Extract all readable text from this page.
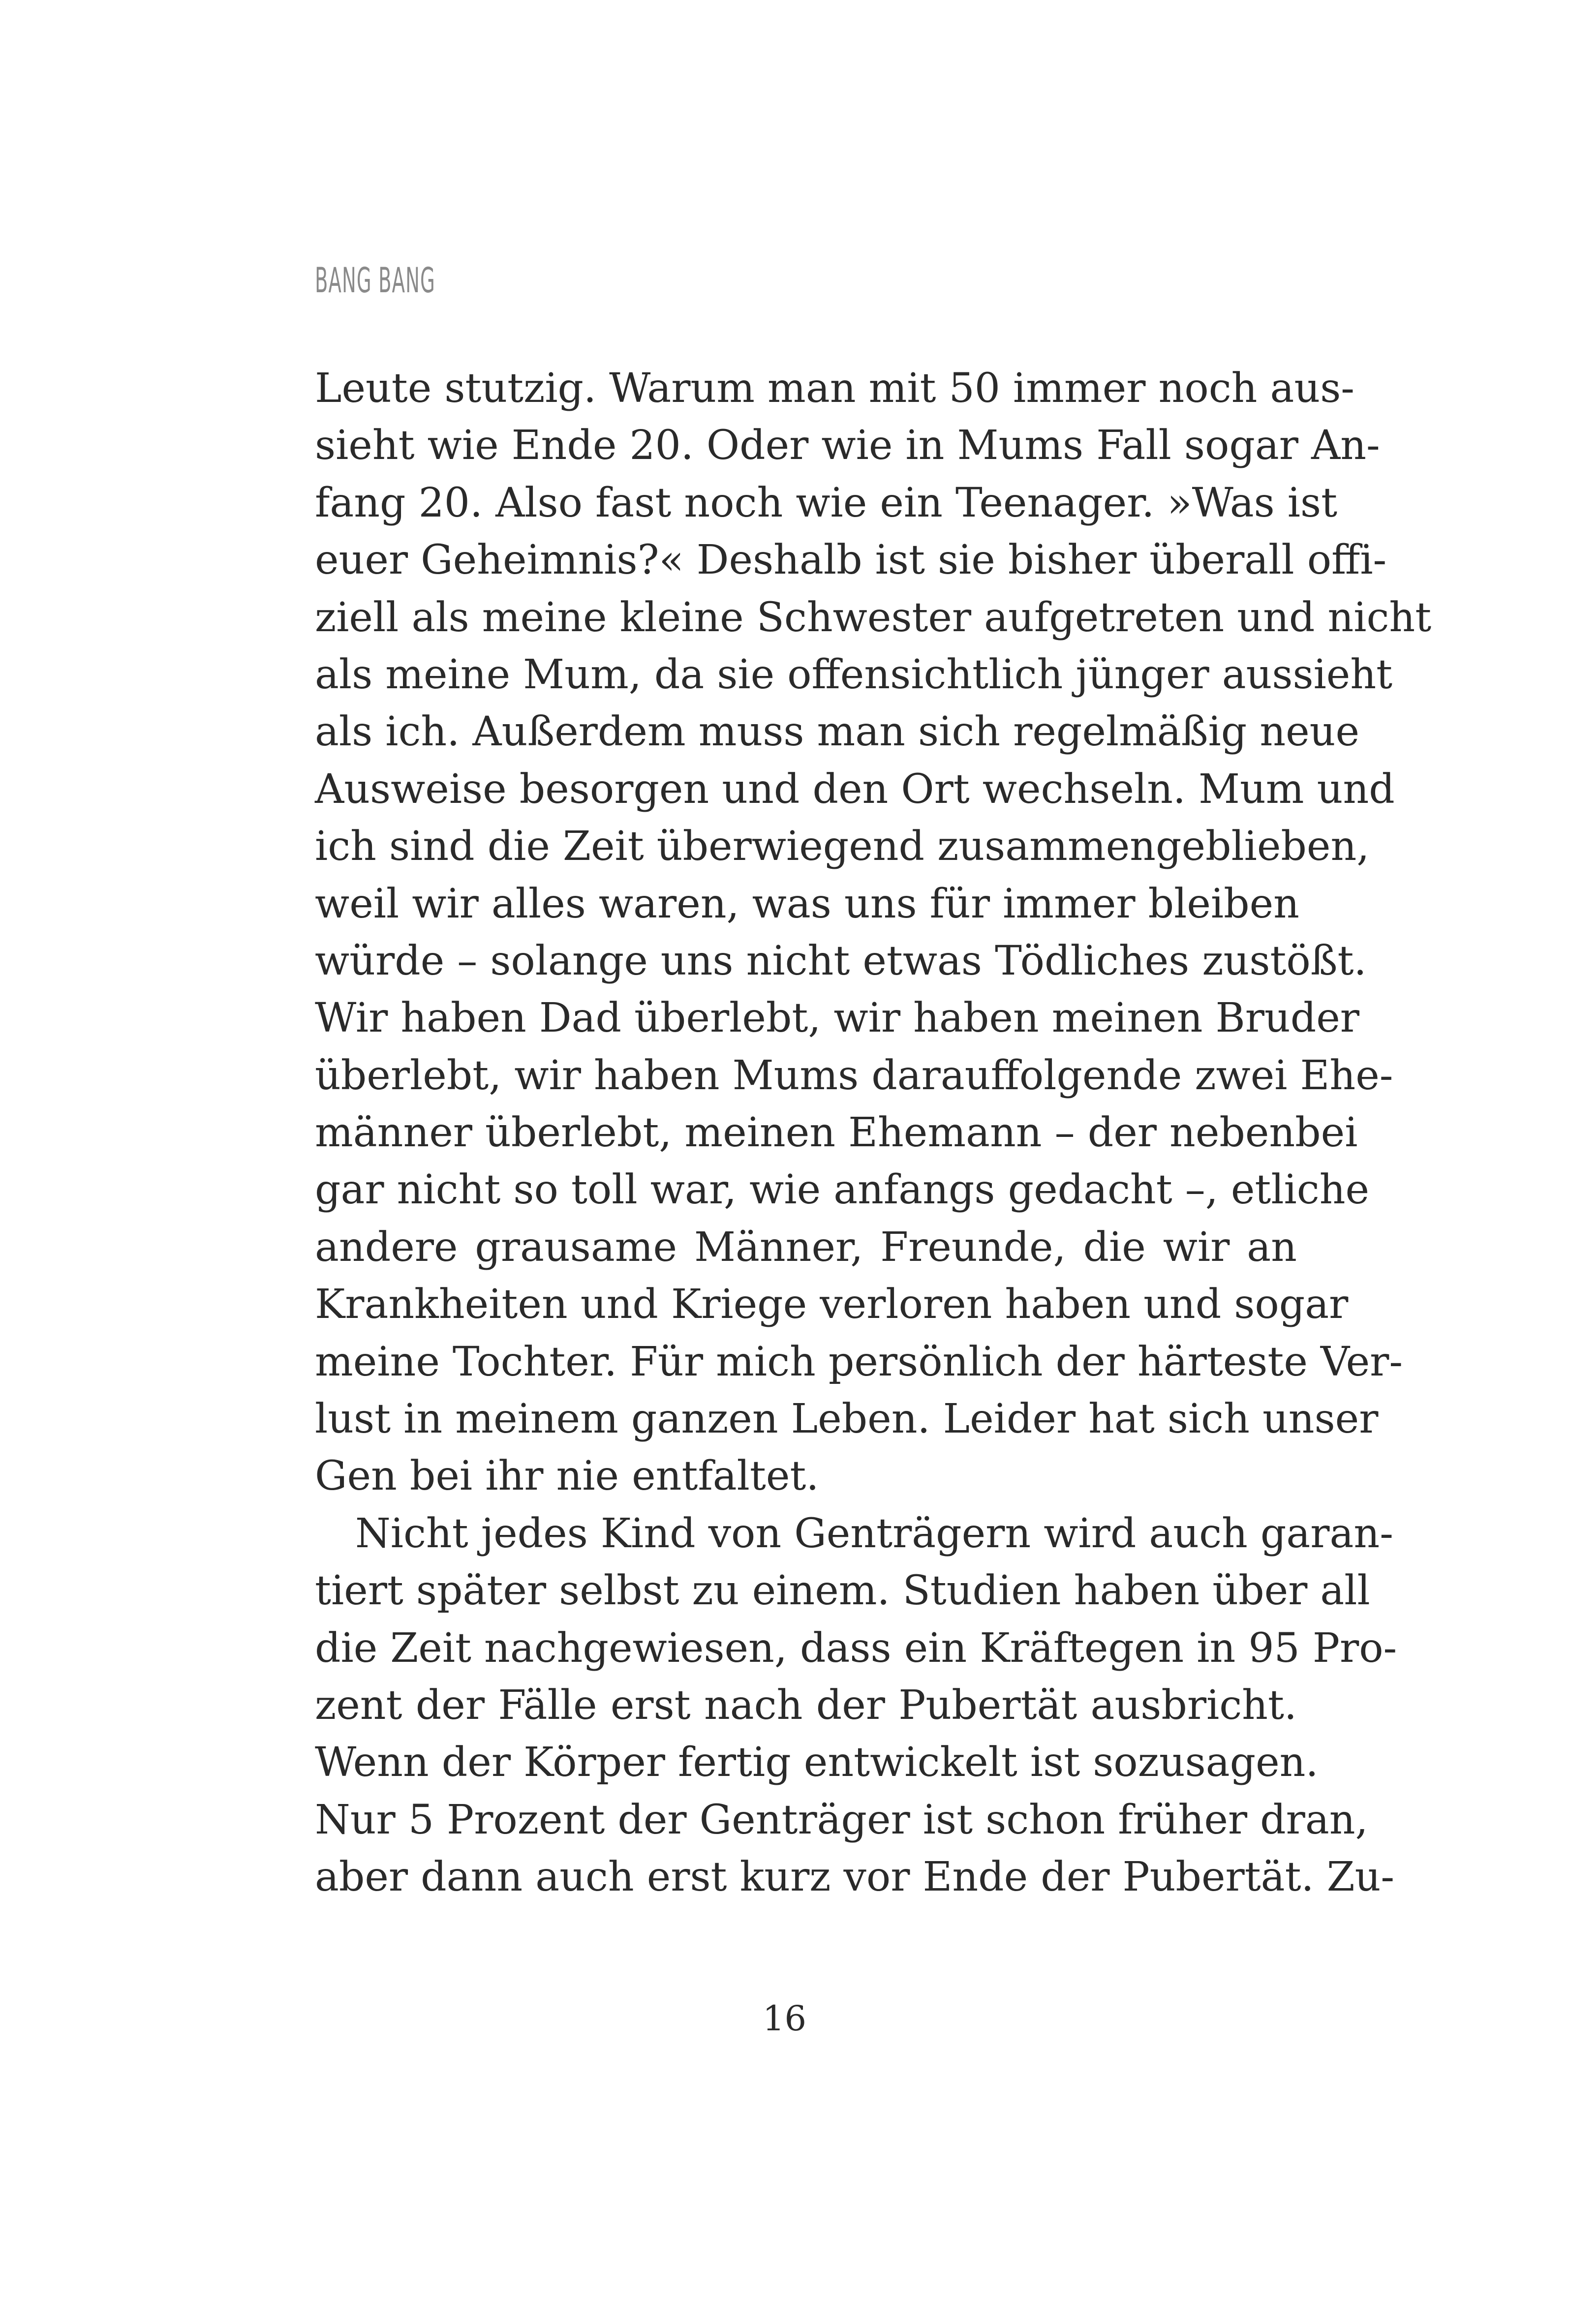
BANG BANG
Leute stutzig. Warum man mit 50 immer noch aus-
sieht wie Ende 20. Oder wie in Mums Fall sogar An-
fang 20. Also fast noch wie ein Teenager. »Was ist
euer Geheimnis?« Deshalb ist sie bisher überall offi-
ziell als meine kleine Schwester aufgetreten und nicht
als meine Mum, da sie offensichtlich jünger aussieht
als ich. Außerdem muss man sich regelmäßig neue
Ausweise besorgen und den Ort wechseln. Mum und
ich sind die Zeit überwiegend zusammengeblieben,
weil wir alles waren, was uns für immer bleiben
würde – solange uns nicht etwas Tödliches zustößt.
Wir haben Dad überlebt, wir haben meinen Bruder
überlebt, wir haben Mums darauffolgende zwei Ehe-
männer überlebt, meinen Ehemann – der nebenbei
gar nicht so toll war, wie anfangs gedacht –, etliche
andere grausame Männer, Freunde, die wir an
Krankheiten und Kriege verloren haben und sogar
meine Tochter. Für mich persönlich der härteste Ver-
lust in meinem ganzen Leben. Leider hat sich unser
Gen bei ihr nie entfaltet.
Nicht jedes Kind von Genträgern wird auch garan-
tiert später selbst zu einem. Studien haben über all
die Zeit nachgewiesen, dass ein Kräftegen in 95 Pro-
zent der Fälle erst nach der Pubertät ausbricht.
Wenn der Körper fertig entwickelt ist sozusagen.
Nur 5 Prozent der Genträger ist schon früher dran,
aber dann auch erst kurz vor Ende der Pubertät. Zu-
16
